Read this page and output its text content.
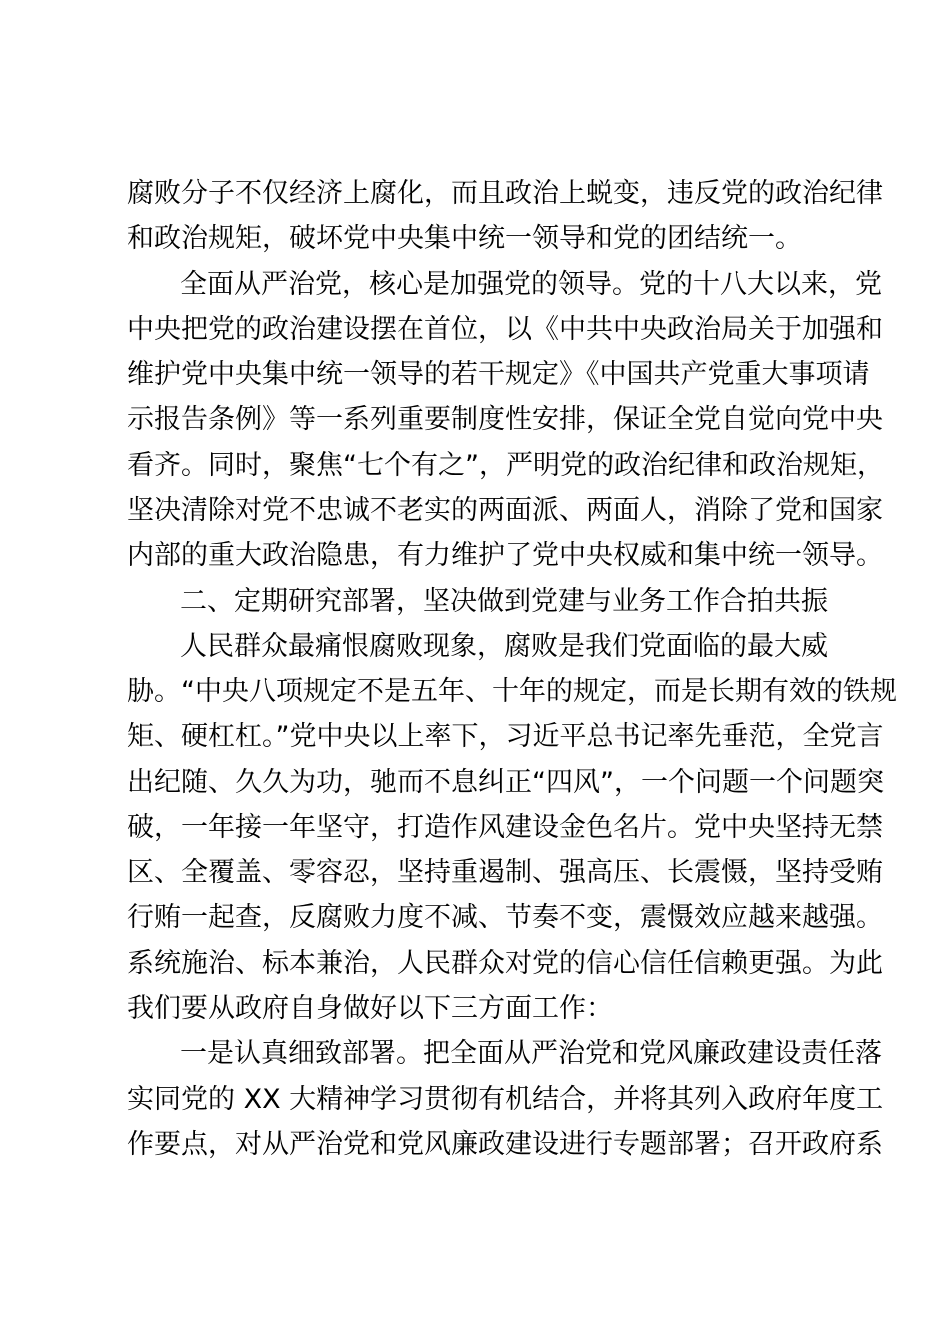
腐败分子不仅经济上腐化，而且政治上蜕变，违反党的政治纪律
和政治规矩，破坏党中央集中统一领导和党的团结统一。
全面从严治党，核心是加强党的领导。党的十八大以来，党
中央把党的政治建设摆在首位，以《中共中央政治局关于加强和
维护党中央集中统一领导的若干规定》《中国共产党重大事项请
示报告条例》等一系列重要制度性安排，保证全党自觉向党中央
看齐。同时，聚焦“七个有之”，严明党的政治纪律和政治规矩，
坚决清除对党不忠诚不老实的两面派、两面人，消除了党和国家
内部的重大政治隐患，有力维护了党中央权威和集中统一领导。
二、定期研究部署，坚决做到党建与业务工作合拍共振
人民群众最痛恨腐败现象，腐败是我们党面临的最大威
胁。“中央八项规定不是五年、十年的规定，而是长期有效的铁规
矩、硬杠杠。”党中央以上率下，习近平总书记率先垂范，全党言
出纪随、久久为功，驰而不息纠正“四风”，一个问题一个问题突
破，一年接一年坚守，打造作风建设金色名片。党中央坚持无禁
区、全覆盖、零容忍，坚持重遏制、强高压、长震慑，坚持受贿
行贿一起查，反腐败力度不减、节奏不变，震慑效应越来越强。
系统施治、标本兼治，人民群众对党的信心信任信赖更强。为此
我们要从政府自身做好以下三方面工作：
一是认真细致部署。把全面从严治党和党风廉政建设责任落
实同党的 XX 大精神学习贯彻有机结合，并将其列入政府年度工
作要点，对从严治党和党风廉政建设进行专题部署；召开政府系
